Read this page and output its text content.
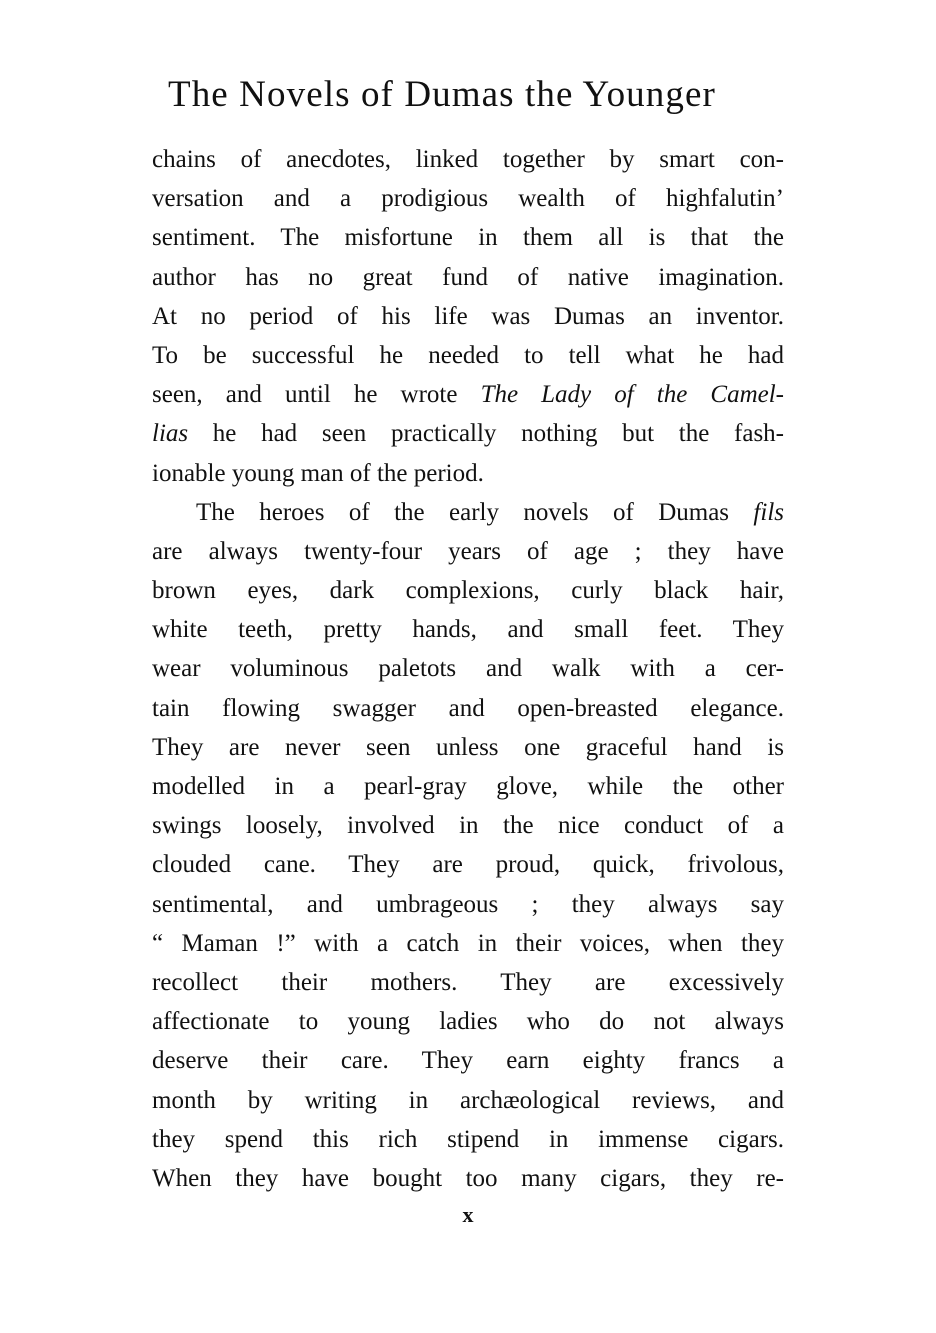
The Novels of Dumas the Younger
chains of anecdotes, linked together by smart con-
versation and a prodigious wealth of highfalutin’
sentiment. The misfortune in them all is that the
author has no great fund of native imagination.
At no period of his life was Dumas an inventor.
To be successful he needed to tell what he had
seen, and until he wrote The Lady of the Camel-
lias he had seen practically nothing but the fash-
ionable young man of the period.
The heroes of the early novels of Dumas fils
are always twenty-four years of age ; they have
brown eyes, dark complexions, curly black hair,
white teeth, pretty hands, and small feet. They
wear voluminous paletots and walk with a cer-
tain flowing swagger and open-breasted elegance.
They are never seen unless one graceful hand is
modelled in a pearl-gray glove, while the other
swings loosely, involved in the nice conduct of a
clouded cane. They are proud, quick, frivolous,
sentimental, and umbrageous ; they always say
“ Maman !” with a catch in their voices, when they
recollect their mothers. They are excessively
affectionate to young ladies who do not always
deserve their care. They earn eighty francs a
month by writing in archæological reviews, and
they spend this rich stipend in immense cigars.
When they have bought too many cigars, they re-
x
